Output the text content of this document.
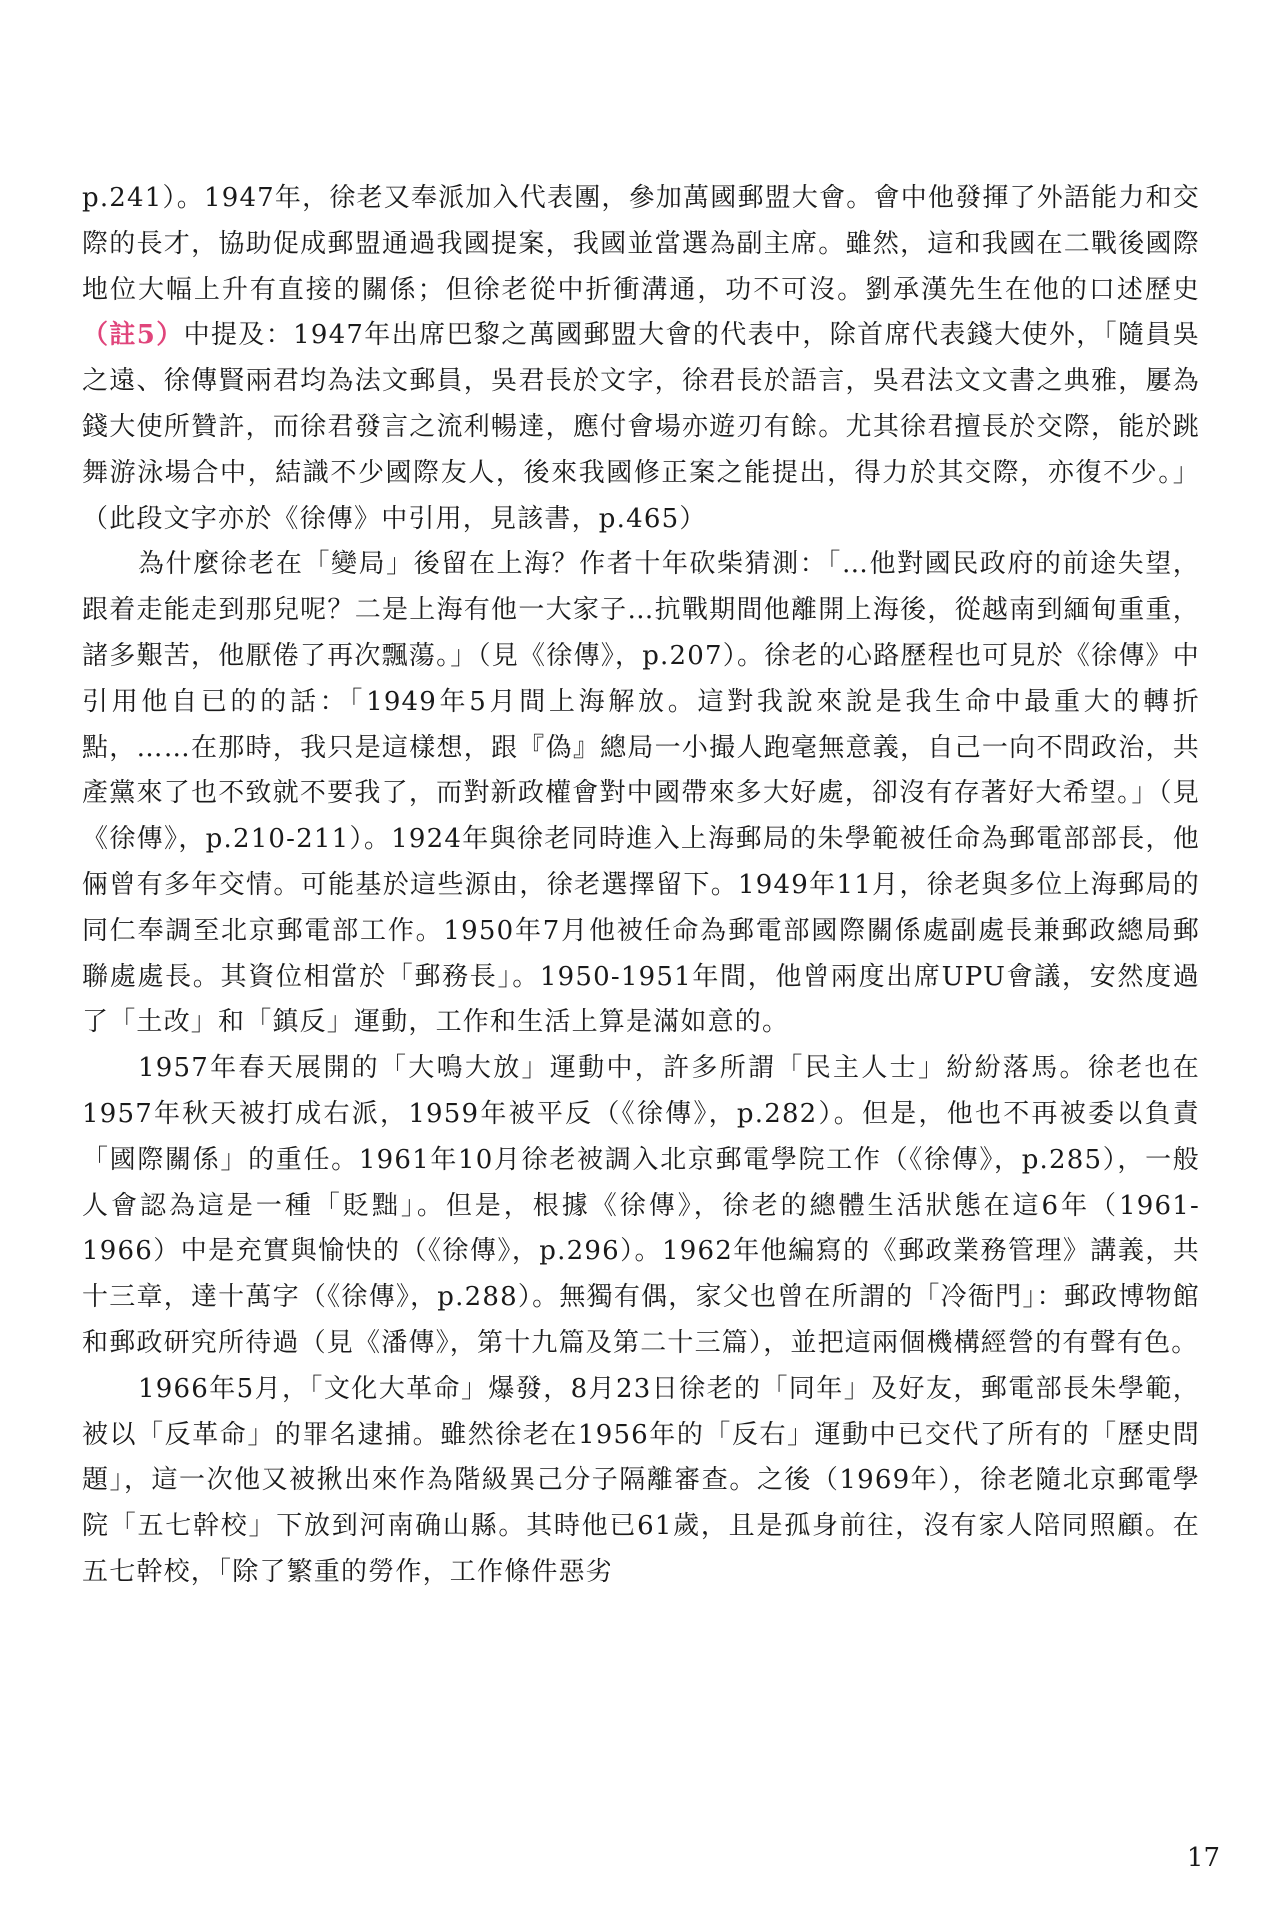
p.241）。1947年，徐老又奉派加入代表團，參加萬國郵盟大會。會中他發揮了外語能力和交際的長才，協助促成郵盟通過我國提案，我國並當選為副主席。雖然，這和我國在二戰後國際地位大幅上升有直接的關係；但徐老從中折衝溝通，功不可沒。劉承漢先生在他的口述歷史（註5）中提及：1947年出席巴黎之萬國郵盟大會的代表中，除首席代表錢大使外，「隨員吳之遠、徐傳賢兩君均為法文郵員，吳君長於文字，徐君長於語言，吳君法文文書之典雅，屢為錢大使所贊許，而徐君發言之流利暢達，應付會場亦遊刃有餘。尤其徐君擅長於交際，能於跳舞游泳場合中，結識不少國際友人，後來我國修正案之能提出，得力於其交際，亦復不少。」（此段文字亦於《徐傳》中引用，見該書，p.465）

為什麼徐老在「變局」後留在上海？作者十年砍柴猜測：「…他對國民政府的前途失望，跟着走能走到那兒呢？二是上海有他一大家子…抗戰期間他離開上海後，從越南到緬甸重重，諸多艱苦，他厭倦了再次飄蕩。」（見《徐傳》，p.207）。徐老的心路歷程也可見於《徐傳》中引用他自已的的話：「1949年5月間上海解放。這對我說來說是我生命中最重大的轉折點，……在那時，我只是這樣想，跟『偽』總局一小撮人跑毫無意義，自己一向不問政治，共產黨來了也不致就不要我了，而對新政權會對中國帶來多大好處，卻沒有存著好大希望。」（見《徐傳》，p.210-211）。1924年與徐老同時進入上海郵局的朱學範被任命為郵電部部長，他倆曾有多年交情。可能基於這些源由，徐老選擇留下。1949年11月，徐老與多位上海郵局的同仁奉調至北京郵電部工作。1950年7月他被任命為郵電部國際關係處副處長兼郵政總局郵聯處處長。其資位相當於「郵務長」。1950-1951年間，他曾兩度出席UPU會議，安然度過了「土改」和「鎮反」運動，工作和生活上算是滿如意的。

1957年春天展開的「大鳴大放」運動中，許多所謂「民主人士」紛紛落馬。徐老也在1957年秋天被打成右派，1959年被平反（《徐傳》，p.282）。但是，他也不再被委以負責「國際關係」的重任。1961年10月徐老被調入北京郵電學院工作（《徐傳》，p.285），一般人會認為這是一種「貶黜」。但是，根據《徐傳》，徐老的總體生活狀態在這6年（1961-1966）中是充實與愉快的（《徐傳》，p.296）。1962年他編寫的《郵政業務管理》講義，共十三章，達十萬字（《徐傳》，p.288）。無獨有偶，家父也曾在所謂的「冷衙門」：郵政博物館和郵政研究所待過（見《潘傳》，第十九篇及第二十三篇），並把這兩個機構經營的有聲有色。

1966年5月，「文化大革命」爆發，8月23日徐老的「同年」及好友，郵電部長朱學範，被以「反革命」的罪名逮捕。雖然徐老在1956年的「反右」運動中已交代了所有的「歷史問題」，這一次他又被揪出來作為階級異己分子隔離審查。之後（1969年），徐老隨北京郵電學院「五七幹校」下放到河南确山縣。其時他已61歲，且是孤身前往，沒有家人陪同照顧。在五七幹校，「除了繁重的勞作，工作條件惡劣

17
